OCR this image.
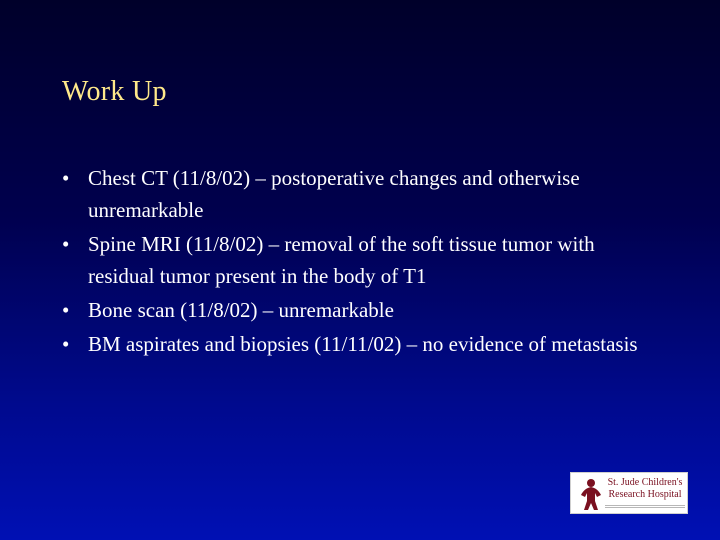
Work Up
• Chest CT (11/8/02) – postoperative changes and otherwise unremarkable
• Spine MRI (11/8/02) – removal of the soft tissue tumor with residual tumor present in the body of T1
• Bone scan (11/8/02) – unremarkable
• BM aspirates and biopsies (11/11/02) – no evidence of metastasis
St. Jude Children's Research Hospital
